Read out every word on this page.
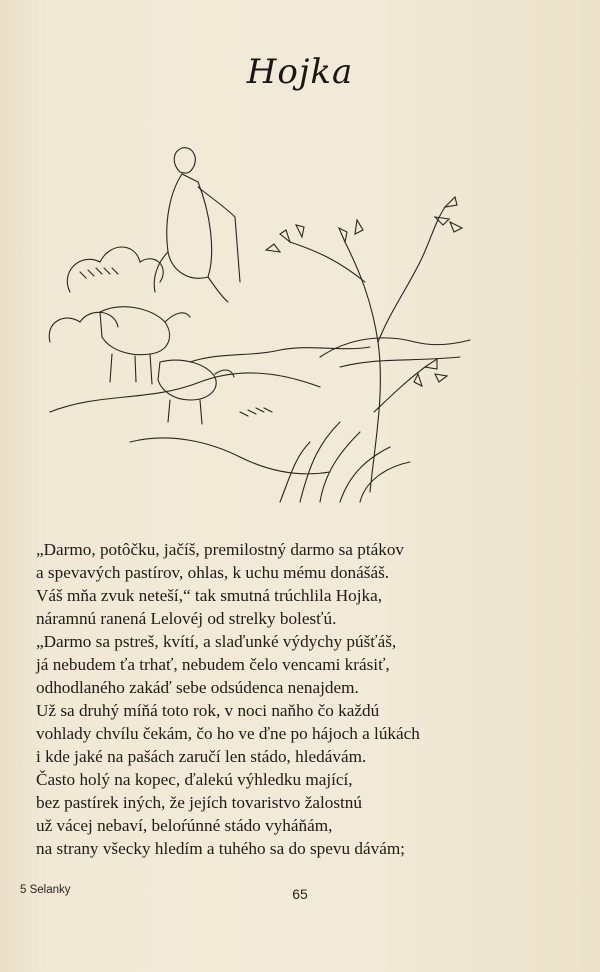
Hojka
„Darmo, potôčku, jačíš, premilostný darmo sa ptákov
a spevavých pastírov, ohlas, k uchu mému donášáš.
Váš mňa zvuk neteší,“ tak smutná trúchlila Hojka,
náramnú ranená Lelovéj od strelky bolesťú.
„Darmo sa pstreš, kvítí, a slaďunké výdychy púšťáš,
já nebudem ťa trhať, nebudem čelo vencami krásiť,
odhodlaného zakáď sebe odsúdenca nenajdem.
Už sa druhý míňá toto rok, v noci naňho čo každú
vohlady chvílu čekám, čo ho ve ďne po hájoch a lúkách
i kde jaké na pašách zaručí len stádo, hledávám.
Často holý na kopec, ďalekú výhledku mající,
bez pastírek iných, že jejích tovaristvo žalostnú
už vácej nebaví, beloŕúnné stádo vyháňám,
na strany všecky hledím a tuhého sa do spevu dávám;
5 Selanky	65
